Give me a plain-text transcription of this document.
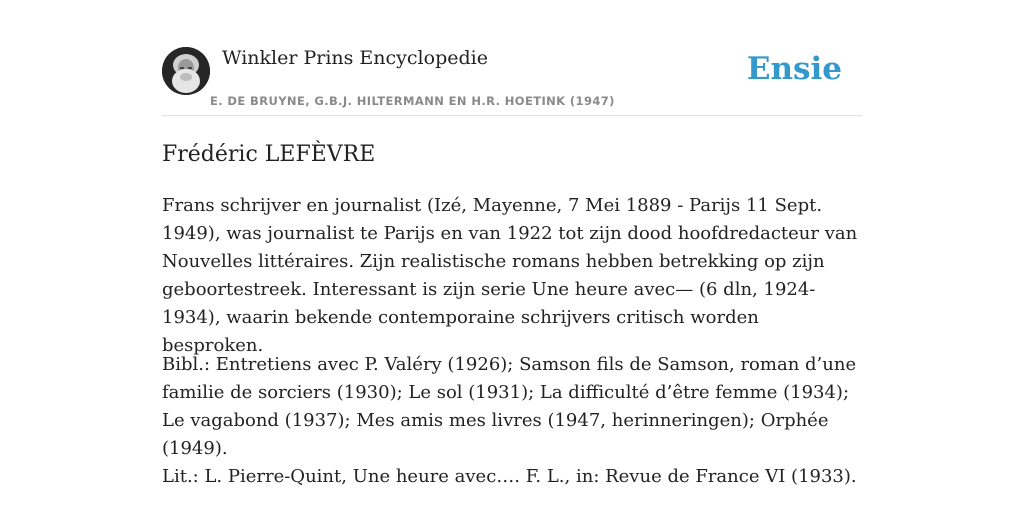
Winkler Prins Encyclopedie
E. DE BRUYNE, G.B.J. HILTERMANN EN H.R. HOETINK (1947)
Ensie
Frédéric LEFÈVRE

Frans schrijver en journalist (Izé, Mayenne, 7 Mei 1889 - Parijs 11 Sept. 1949), was journalist te Parijs en van 1922 tot zijn dood hoofdredacteur van Nouvelles littéraires. Zijn realistische romans hebben betrekking op zijn geboortestreek. Interessant is zijn serie Une heure avec— (6 dln, 1924-1934), waarin bekende contemporaine schrijvers critisch worden besproken.

Bibl.: Entretiens avec P. Valéry (1926); Samson fils de Samson, roman d’une familie de sorciers (1930); Le sol (1931); La difficulté d’être femme (1934); Le vagabond (1937); Mes amis mes livres (1947, herinneringen); Orphée (1949).

Lit.: L. Pierre-Quint, Une heure avec…. F. L., in: Revue de France VI (1933).
